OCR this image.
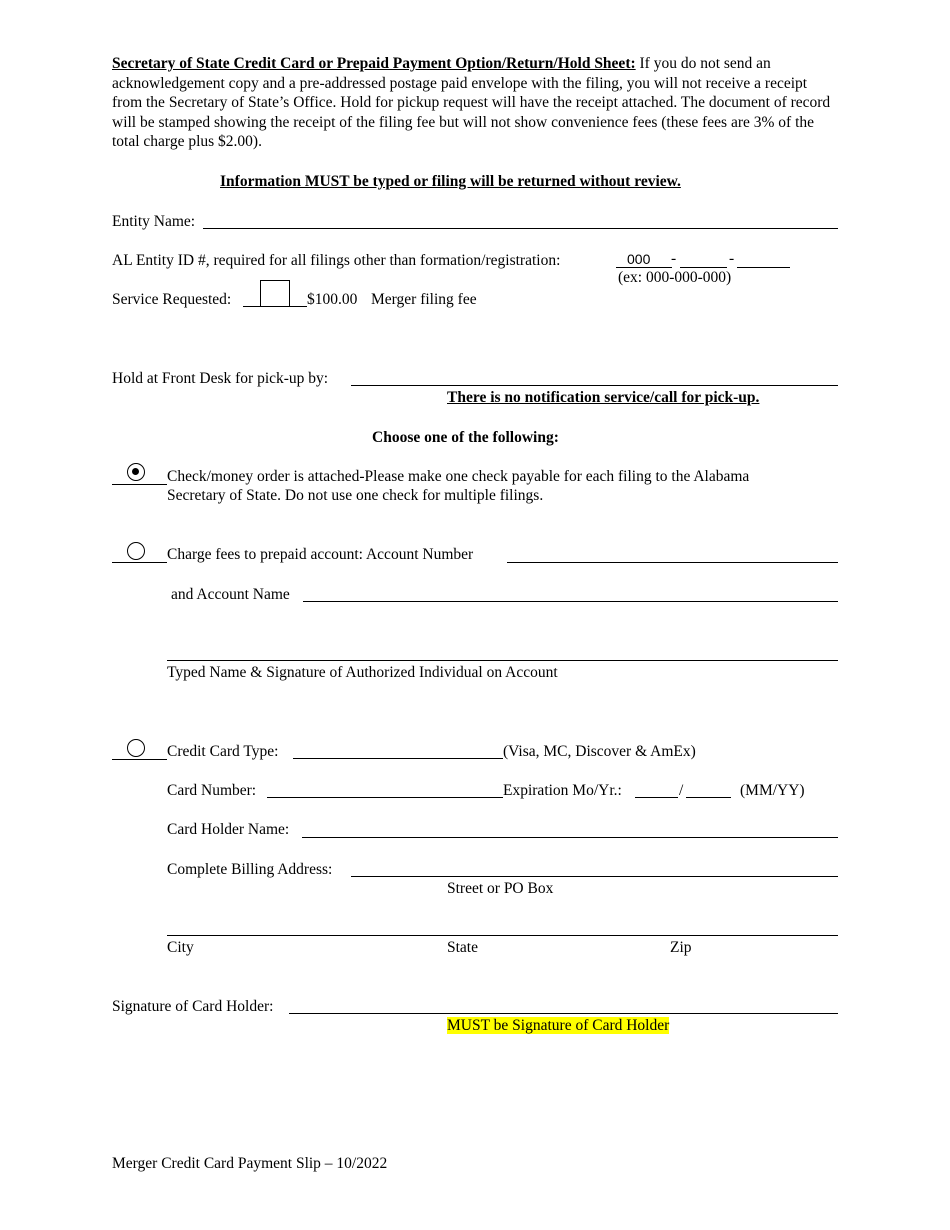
Secretary of State Credit Card or Prepaid Payment Option/Return/Hold Sheet: If you do not send an acknowledgement copy and a pre-addressed postage paid envelope with the filing, you will not receive a receipt from the Secretary of State’s Office. Hold for pickup request will have the receipt attached. The document of record will be stamped showing the receipt of the filing fee but will not show convenience fees (these fees are 3% of the total charge plus $2.00).
Information MUST be typed or filing will be returned without review.
Entity Name:
AL Entity ID #, required for all filings other than formation/registration:	000 -	-
(ex: 000-000-000)
Service Requested:	$100.00 Merger filing fee
Hold at Front Desk for pick-up by:
There is no notification service/call for pick-up.
Choose one of the following:
Check/money order is attached-Please make one check payable for each filing to the Alabama
Secretary of State. Do not use one check for multiple filings.
Charge fees to prepaid account: Account Number
and Account Name
Typed Name & Signature of Authorized Individual on Account
Credit Card Type:	(Visa, MC, Discover & AmEx)
Card Number:	Expiration Mo/Yr.:	/	(MM/YY)
Card Holder Name:
Complete Billing Address:
Street or PO Box
City	State	Zip
Signature of Card Holder:
MUST be Signature of Card Holder
Merger Credit Card Payment Slip – 10/2022
